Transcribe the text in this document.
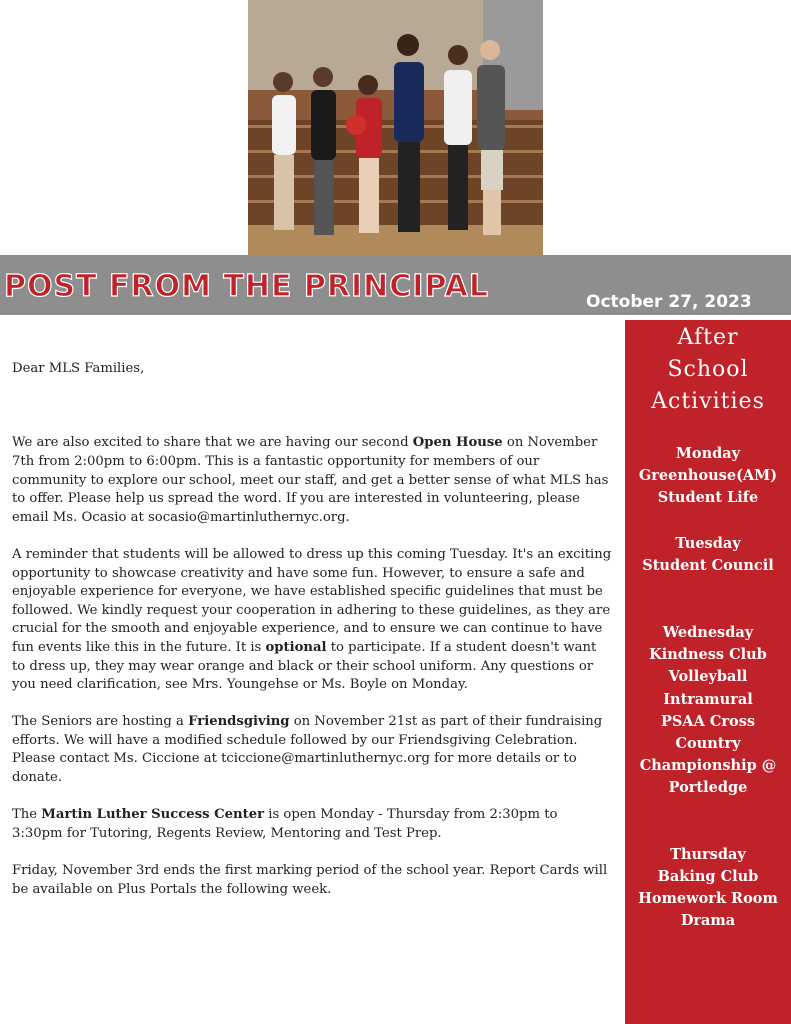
POST FROM THE PRINCIPAL	October 27, 2023

Dear MLS Families,

We are also excited to share that we are having our second Open House on November 7th from 2:00pm to 6:00pm. This is a fantastic opportunity for members of our community to explore our school, meet our staff, and get a better sense of what MLS has to offer. Please help us spread the word. If you are interested in volunteering, please email Ms. Ocasio at socasio@martinluthernyc.org.

A reminder that students will be allowed to dress up this coming Tuesday. It's an exciting opportunity to showcase creativity and have some fun. However, to ensure a safe and enjoyable experience for everyone, we have established specific guidelines that must be followed. We kindly request your cooperation in adhering to these guidelines, as they are crucial for the smooth and enjoyable experience, and to ensure we can continue to have fun events like this in the future. It is optional to participate. If a student doesn't want to dress up, they may wear orange and black or their school uniform. Any questions or you need clarification, see Mrs. Youngehse or Ms. Boyle on Monday.

The Seniors are hosting a Friendsgiving on November 21st as part of their fundraising efforts. We will have a modified schedule followed by our Friendsgiving Celebration. Please contact Ms. Ciccione at tciccione@martinluthernyc.org for more details or to donate.

The Martin Luther Success Center is open Monday - Thursday from 2:30pm to 3:30pm for Tutoring, Regents Review, Mentoring and Test Prep.

Friday, November 3rd ends the first marking period of the school year. Report Cards will be available on Plus Portals the following week.

After
School
Activities
Monday
Greenhouse(AM)
Student Life
Tuesday
Student Council
Wednesday
Kindness Club
Volleyball
Intramural
PSAA Cross
Country
Championship @
Portledge
Thursday
Baking Club
Homework Room
Drama
